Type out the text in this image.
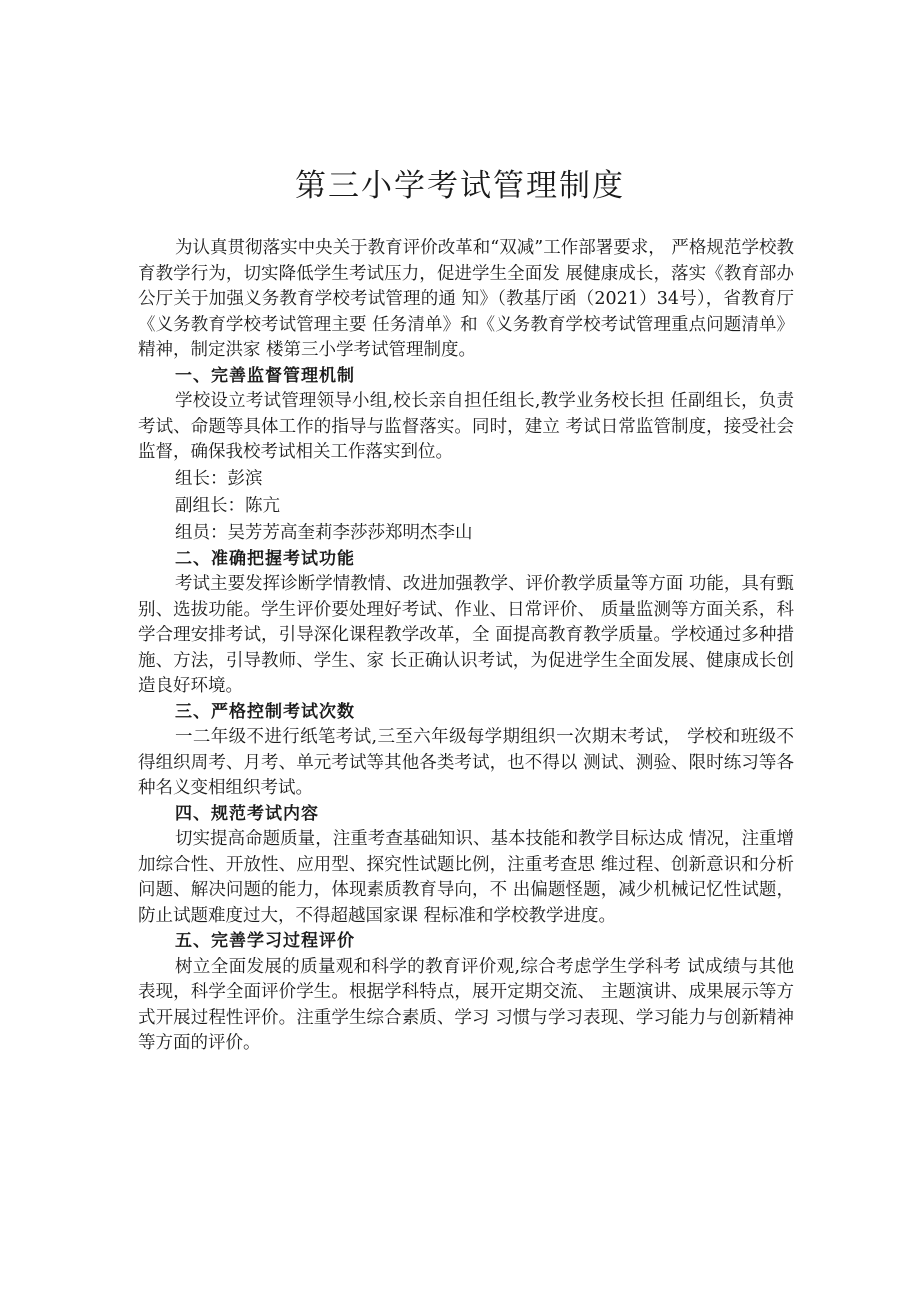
第三小学考试管理制度

为认真贯彻落实中央关于教育评价改革和“双减”工作部署要求， 严格规范学校教育教学行为，切实降低学生考试压力，促进学生全面发 展健康成长，落实《教育部办公厅关于加强义务教育学校考试管理的通 知》（教基厅函（2021）34号），省教育厅《义务教育学校考试管理主要 任务清单》和《义务教育学校考试管理重点问题清单》精神，制定洪家 楼第三小学考试管理制度。

一、完善监督管理机制

学校设立考试管理领导小组,校长亲自担任组长,教学业务校长担 任副组长，负责考试、命题等具体工作的指导与监督落实。同时，建立 考试日常监管制度，接受社会监督，确保我校考试相关工作落实到位。

组长：彭滨

副组长：陈亢

组员：吴芳芳高奎莉李莎莎郑明杰李山

二、准确把握考试功能

考试主要发挥诊断学情教情、改进加强教学、评价教学质量等方面 功能，具有甄别、选拔功能。学生评价要处理好考试、作业、日常评价、 质量监测等方面关系，科学合理安排考试，引导深化课程教学改革，全 面提高教育教学质量。学校通过多种措施、方法，引导教师、学生、家 长正确认识考试，为促进学生全面发展、健康成长创造良好环境。

三、严格控制考试次数

一二年级不进行纸笔考试,三至六年级每学期组织一次期末考试， 学校和班级不得组织周考、月考、单元考试等其他各类考试，也不得以 测试、测验、限时练习等各种名义变相组织考试。

四、规范考试内容

切实提高命题质量，注重考查基础知识、基本技能和教学目标达成 情况，注重增加综合性、开放性、应用型、探究性试题比例，注重考查思 维过程、创新意识和分析问题、解决问题的能力，体现素质教育导向，不 出偏题怪题，减少机械记忆性试题，防止试题难度过大，不得超越国家课 程标准和学校教学进度。

五、完善学习过程评价

树立全面发展的质量观和科学的教育评价观,综合考虑学生学科考 试成绩与其他表现，科学全面评价学生。根据学科特点，展开定期交流、 主题演讲、成果展示等方式开展过程性评价。注重学生综合素质、学习 习惯与学习表现、学习能力与创新精神等方面的评价。
